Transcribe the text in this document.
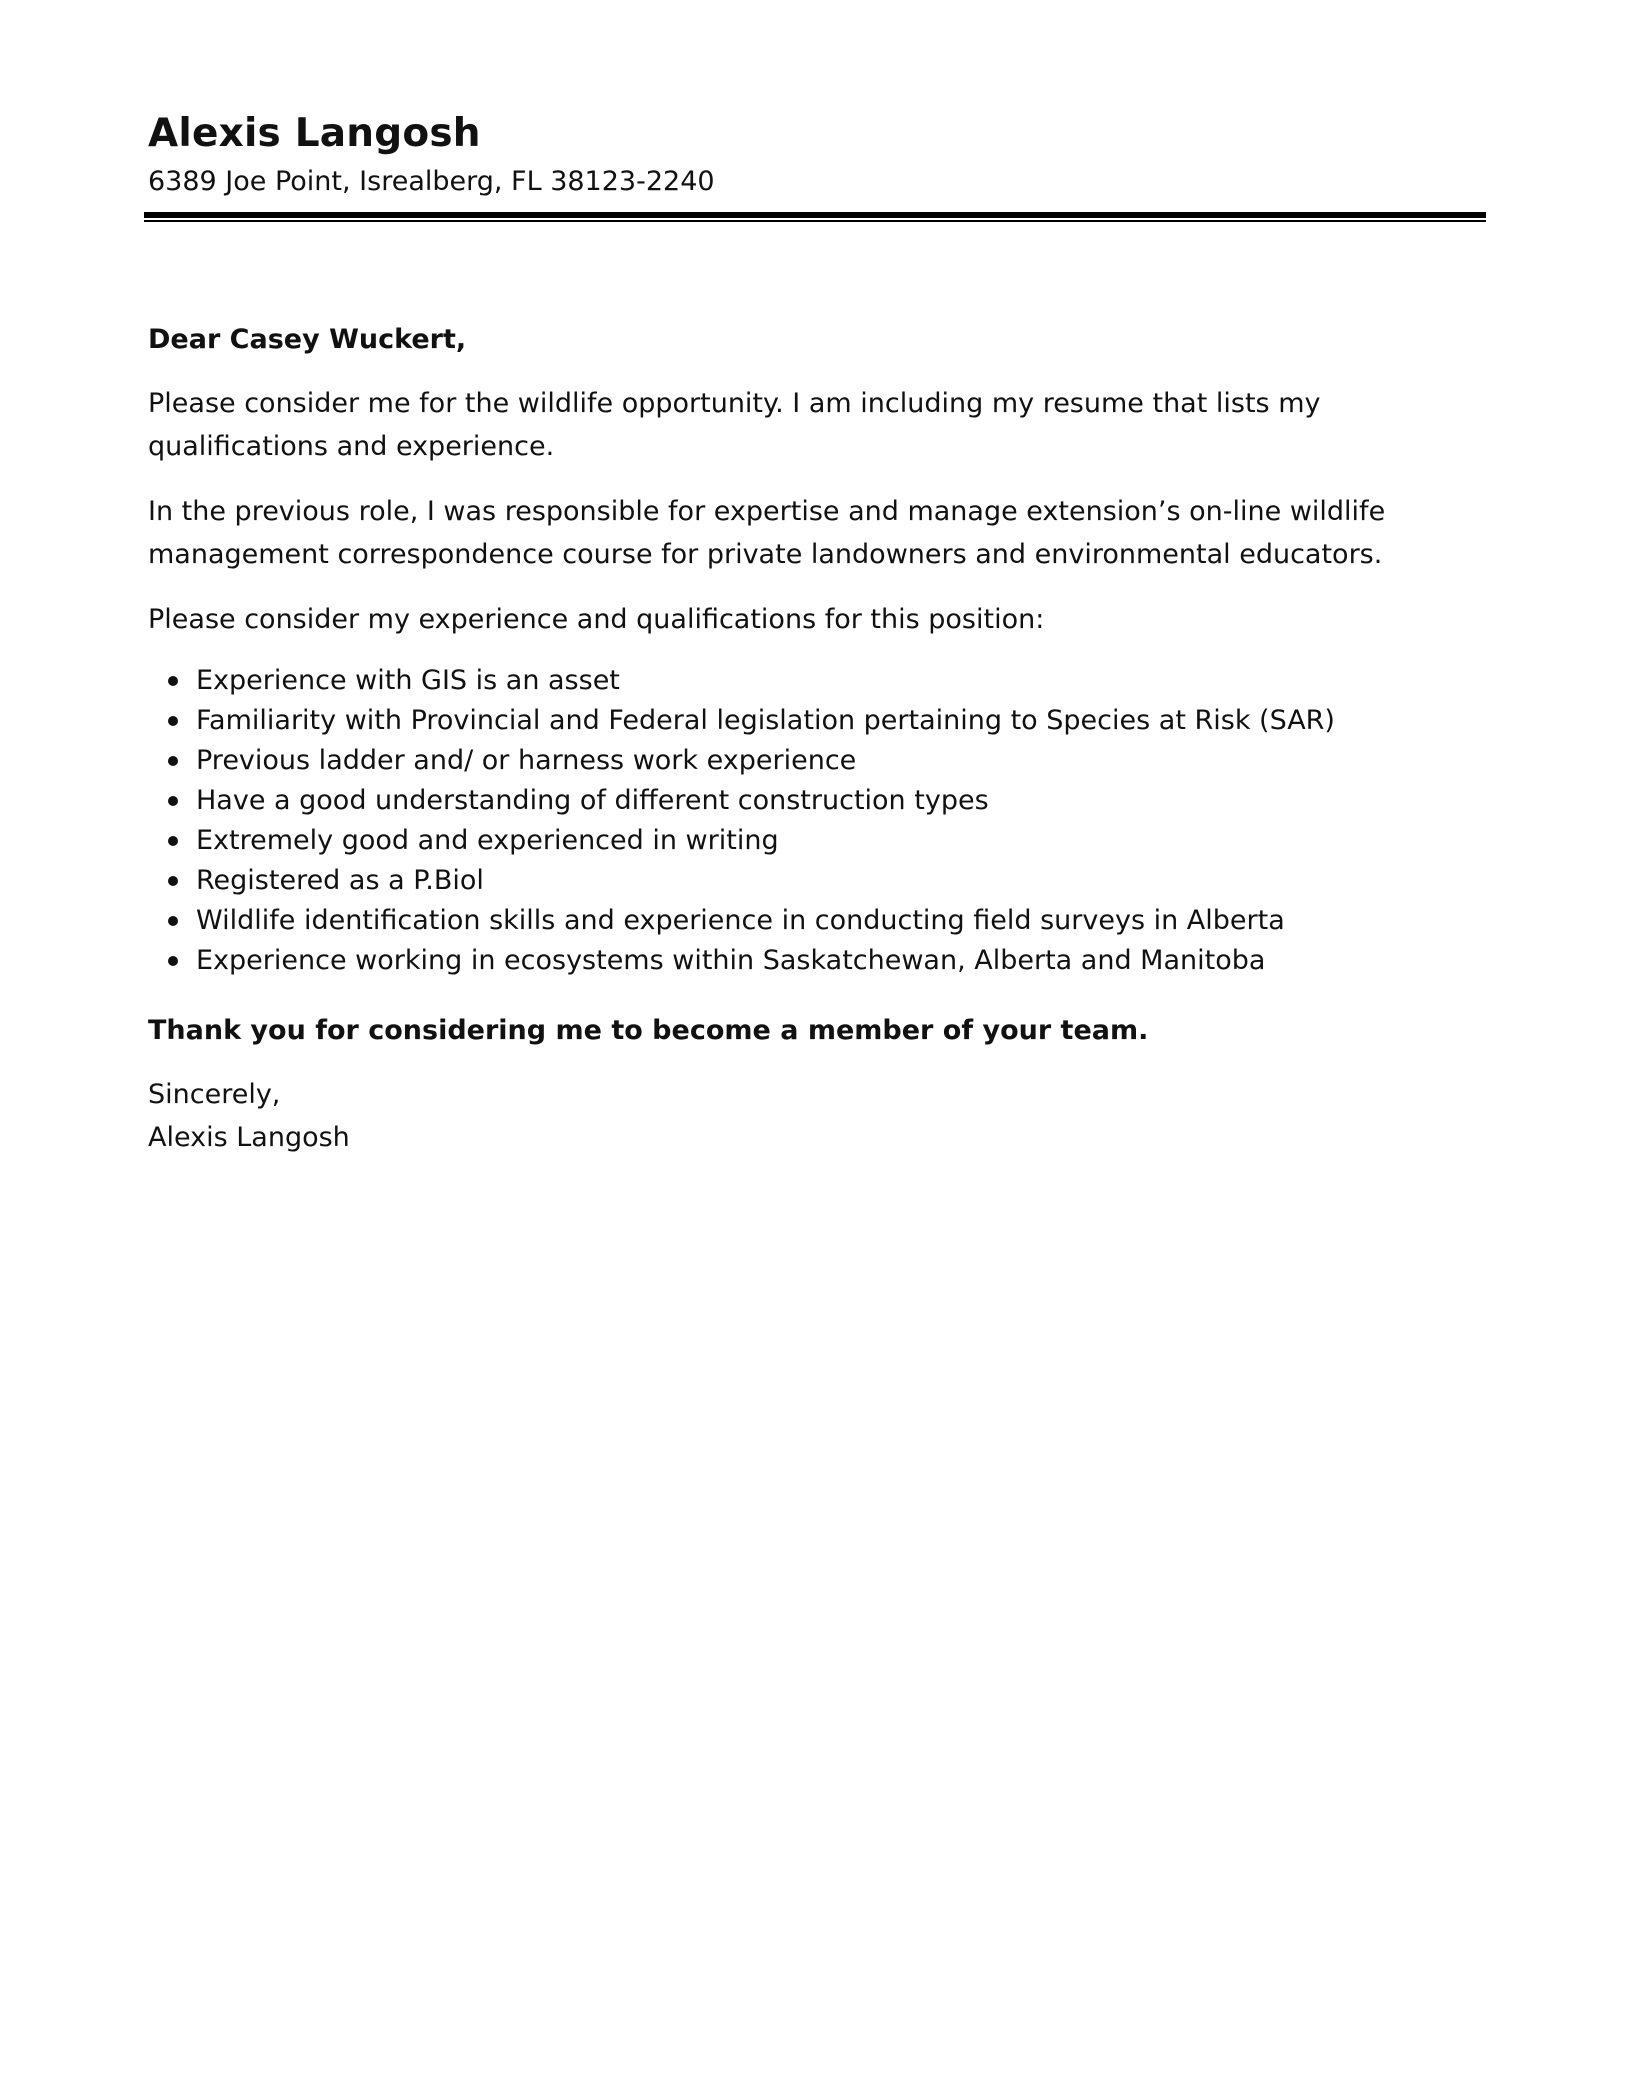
Alexis Langosh
6389 Joe Point, Isrealberg, FL 38123-2240
Dear Casey Wuckert,

Please consider me for the wildlife opportunity. I am including my resume that lists my qualifications and experience.

In the previous role, I was responsible for expertise and manage extension’s on-line wildlife management correspondence course for private landowners and environmental educators.

Please consider my experience and qualifications for this position:

Experience with GIS is an asset
Familiarity with Provincial and Federal legislation pertaining to Species at Risk (SAR)
Previous ladder and/ or harness work experience
Have a good understanding of different construction types
Extremely good and experienced in writing
Registered as a P.Biol
Wildlife identification skills and experience in conducting field surveys in Alberta
Experience working in ecosystems within Saskatchewan, Alberta and Manitoba
Thank you for considering me to become a member of your team.
Sincerely,
Alexis Langosh
